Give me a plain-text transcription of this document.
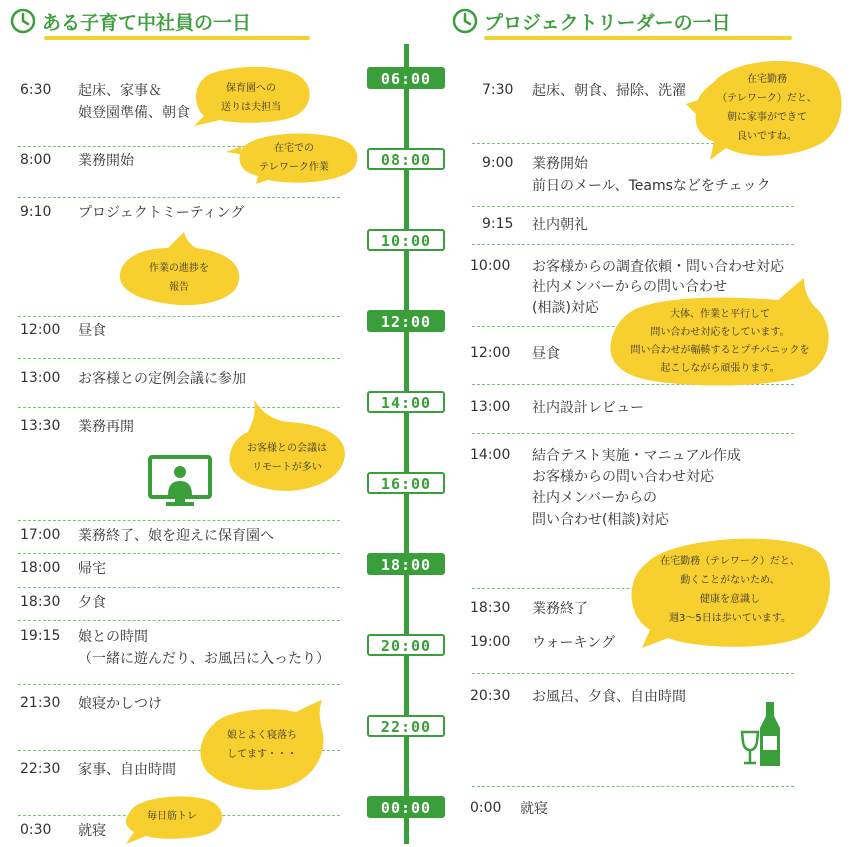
ある子育て中社員の一日	プロジェクトリーダーの一日
06:00
08:00
10:00
12:00
14:00
16:00
18:00
20:00
22:00
00:00
6:30 起床、家事＆
娘登園準備、朝食
8:00 業務開始
9:10 プロジェクトミーティング
12:00 昼食
13:00 お客様との定例会議に参加
13:30 業務再開
17:00 業務終了、娘を迎えに保育園へ
18:00 帰宅
18:30 夕食
19:15 娘との時間
（一緒に遊んだり、お風呂に入ったり）
21:30 娘寝かしつけ
22:30 家事、自由時間
0:30 就寝
保育園への
送りは夫担当
在宅での
テレワーク作業
作業の進捗を
報告
お客様との会議は
リモートが多い
娘とよく寝落ち
してます・・・
毎日筋トレ
7:30 起床、朝食、掃除、洗濯
9:00 業務開始
前日のメール、Teamsなどをチェック
9:15 社内朝礼
10:00 お客様からの調査依頼・問い合わせ対応
社内メンバーからの問い合わせ
(相談)対応
12:00 昼食
13:00 社内設計レビュー
14:00 結合テスト実施・マニュアル作成
お客様からの問い合わせ対応
社内メンバーからの
問い合わせ(相談)対応
18:30 業務終了
19:00 ウォーキング
20:30 お風呂、夕食、自由時間
0:00 就寝
在宅勤務
（テレワーク）だと、
朝に家事ができて
良いですね。
大体、作業と平行して
問い合わせ対応をしています。
問い合わせが輻輳するとプチパニックを
起こしながら頑張ります。
在宅勤務（テレワーク）だと、
動くことがないため、
健康を意識し
週3〜5日は歩いています。
